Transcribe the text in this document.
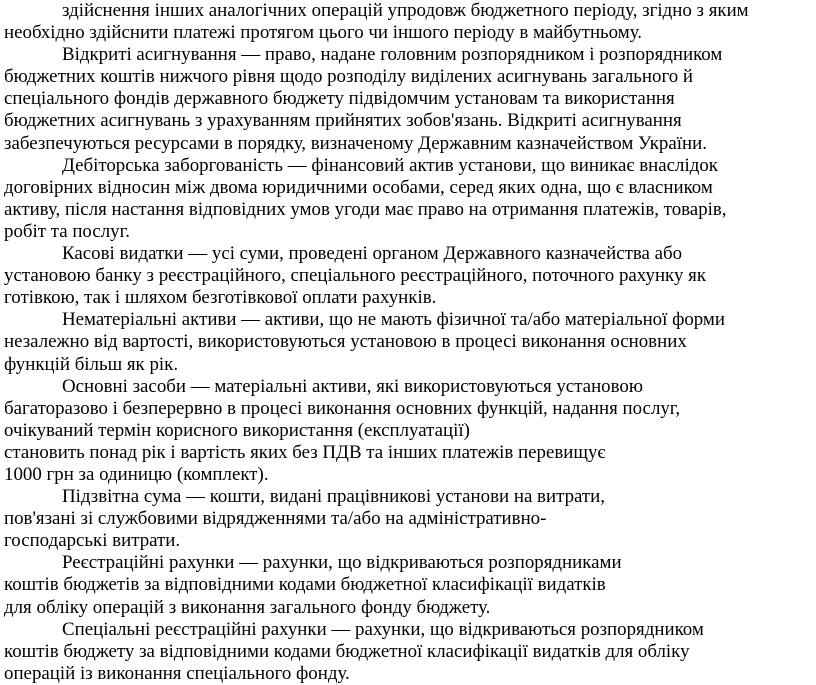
здійснення інших аналогічних операцій упродовж бюджетного періоду, згідно з яким
необхідно здійснити платежі протягом цього чи іншого періоду в майбутньому.
Відкриті асигнування — право, надане головним розпорядником і розпорядником
бюджетних коштів нижчого рівня щодо розподілу виділених асигнувань загального й
спеціального фондів державного бюджету підвідомчим установам та використання
бюджетних асигнувань з урахуванням прийнятих зобов'язань. Відкриті асигнування
забезпечуються ресурсами в порядку, визначеному Державним казначейством України.
Дебіторська заборгованість — фінансовий актив установи, що виникає внаслідок
договірних відносин між двома юридичними особами, серед яких одна, що є власником
активу, після настання відповідних умов угоди має право на отримання платежів, товарів,
робіт та послуг.
Касові видатки — усі суми, проведені органом Державного казначейства або
установою банку з реєстраційного, спеціального реєстраційного, поточного рахунку як
готівкою, так і шляхом безготівкової оплати рахунків.
Нематеріальні активи — активи, що не мають фізичної та/або матеріальної форми
незалежно від вартості, використовуються установою в процесі виконання основних
функцій більш як рік.
Основні засоби — матеріальні активи, які використовуються установою
багаторазово і безперервно в процесі виконання основних функцій, надання послуг,
очікуваний термін корисного використання (експлуатації)
становить понад рік і вартість яких без ПДВ та інших платежів перевищує
1000 грн за одиницю (комплект).
Підзвітна сума — кошти, видані працівникові установи на витрати,
пов'язані зі службовими відрядженнями та/або на адміністративно-
господарські витрати.
Реєстраційні рахунки — рахунки, що відкриваються розпорядниками
коштів бюджетів за відповідними кодами бюджетної класифікації видатків
для обліку операцій з виконання загального фонду бюджету.
Спеціальні реєстраційні рахунки — рахунки, що відкриваються розпорядником
коштів бюджету за відповідними кодами бюджетної класифікації видатків для обліку
операцій із виконання спеціального фонду.
